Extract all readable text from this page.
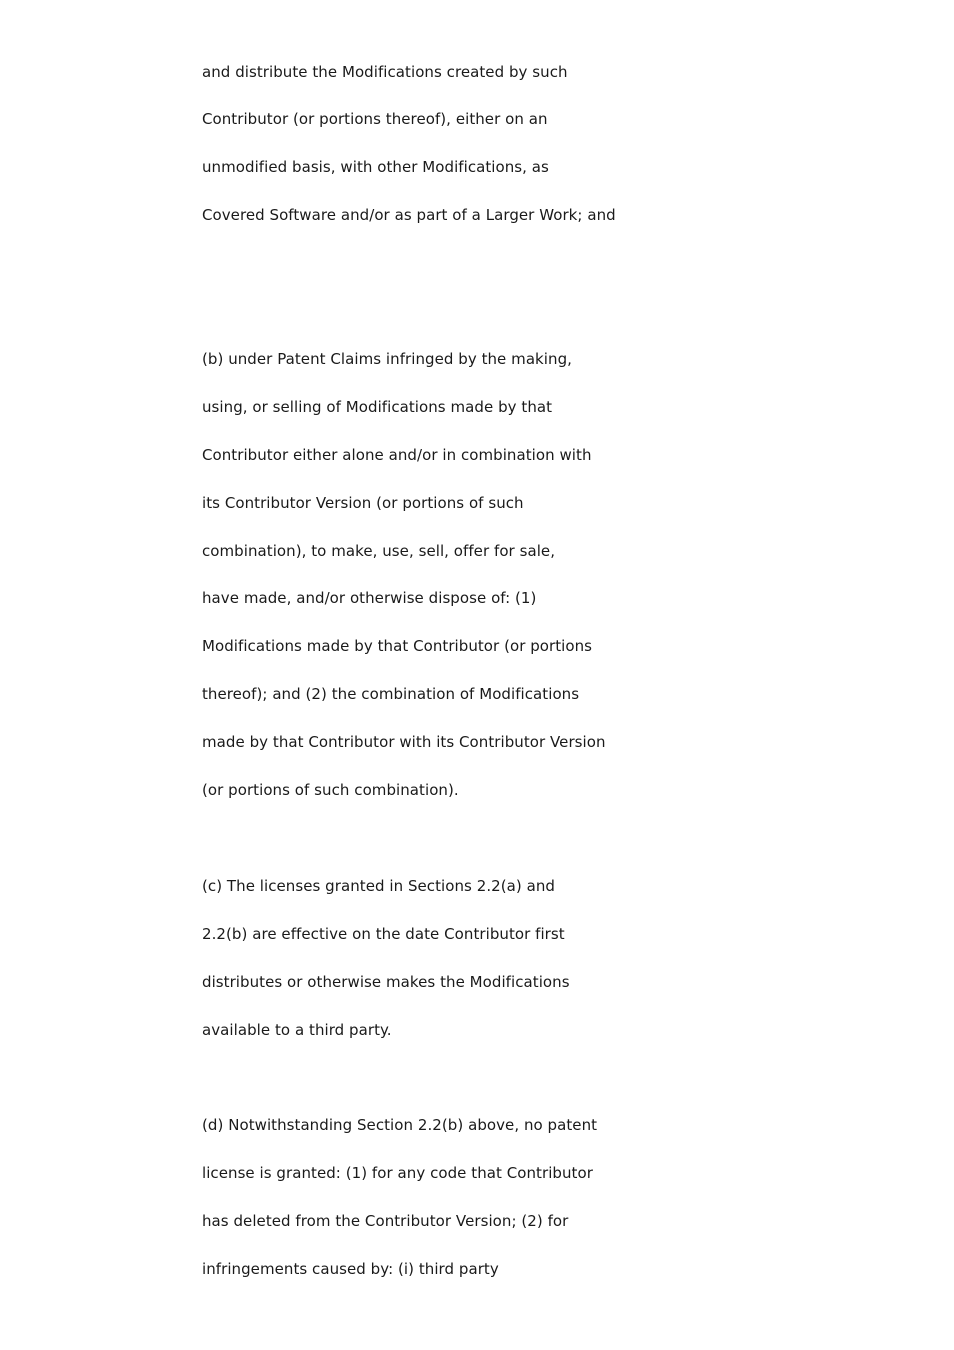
and distribute the Modifications created by such

Contributor (or portions thereof), either on an

unmodified basis, with other Modifications, as

Covered Software and/or as part of a Larger Work; and

(b) under Patent Claims infringed by the making,

using, or selling of Modifications made by that

Contributor either alone and/or in combination with

its Contributor Version (or portions of such

combination), to make, use, sell, offer for sale,

have made, and/or otherwise dispose of: (1)

Modifications made by that Contributor (or portions

thereof); and (2) the combination of Modifications

made by that Contributor with its Contributor Version

(or portions of such combination).

(c) The licenses granted in Sections 2.2(a) and

2.2(b) are effective on the date Contributor first

distributes or otherwise makes the Modifications

available to a third party.

(d) Notwithstanding Section 2.2(b) above, no patent

license is granted: (1) for any code that Contributor

has deleted from the Contributor Version; (2) for

infringements caused by: (i) third party
